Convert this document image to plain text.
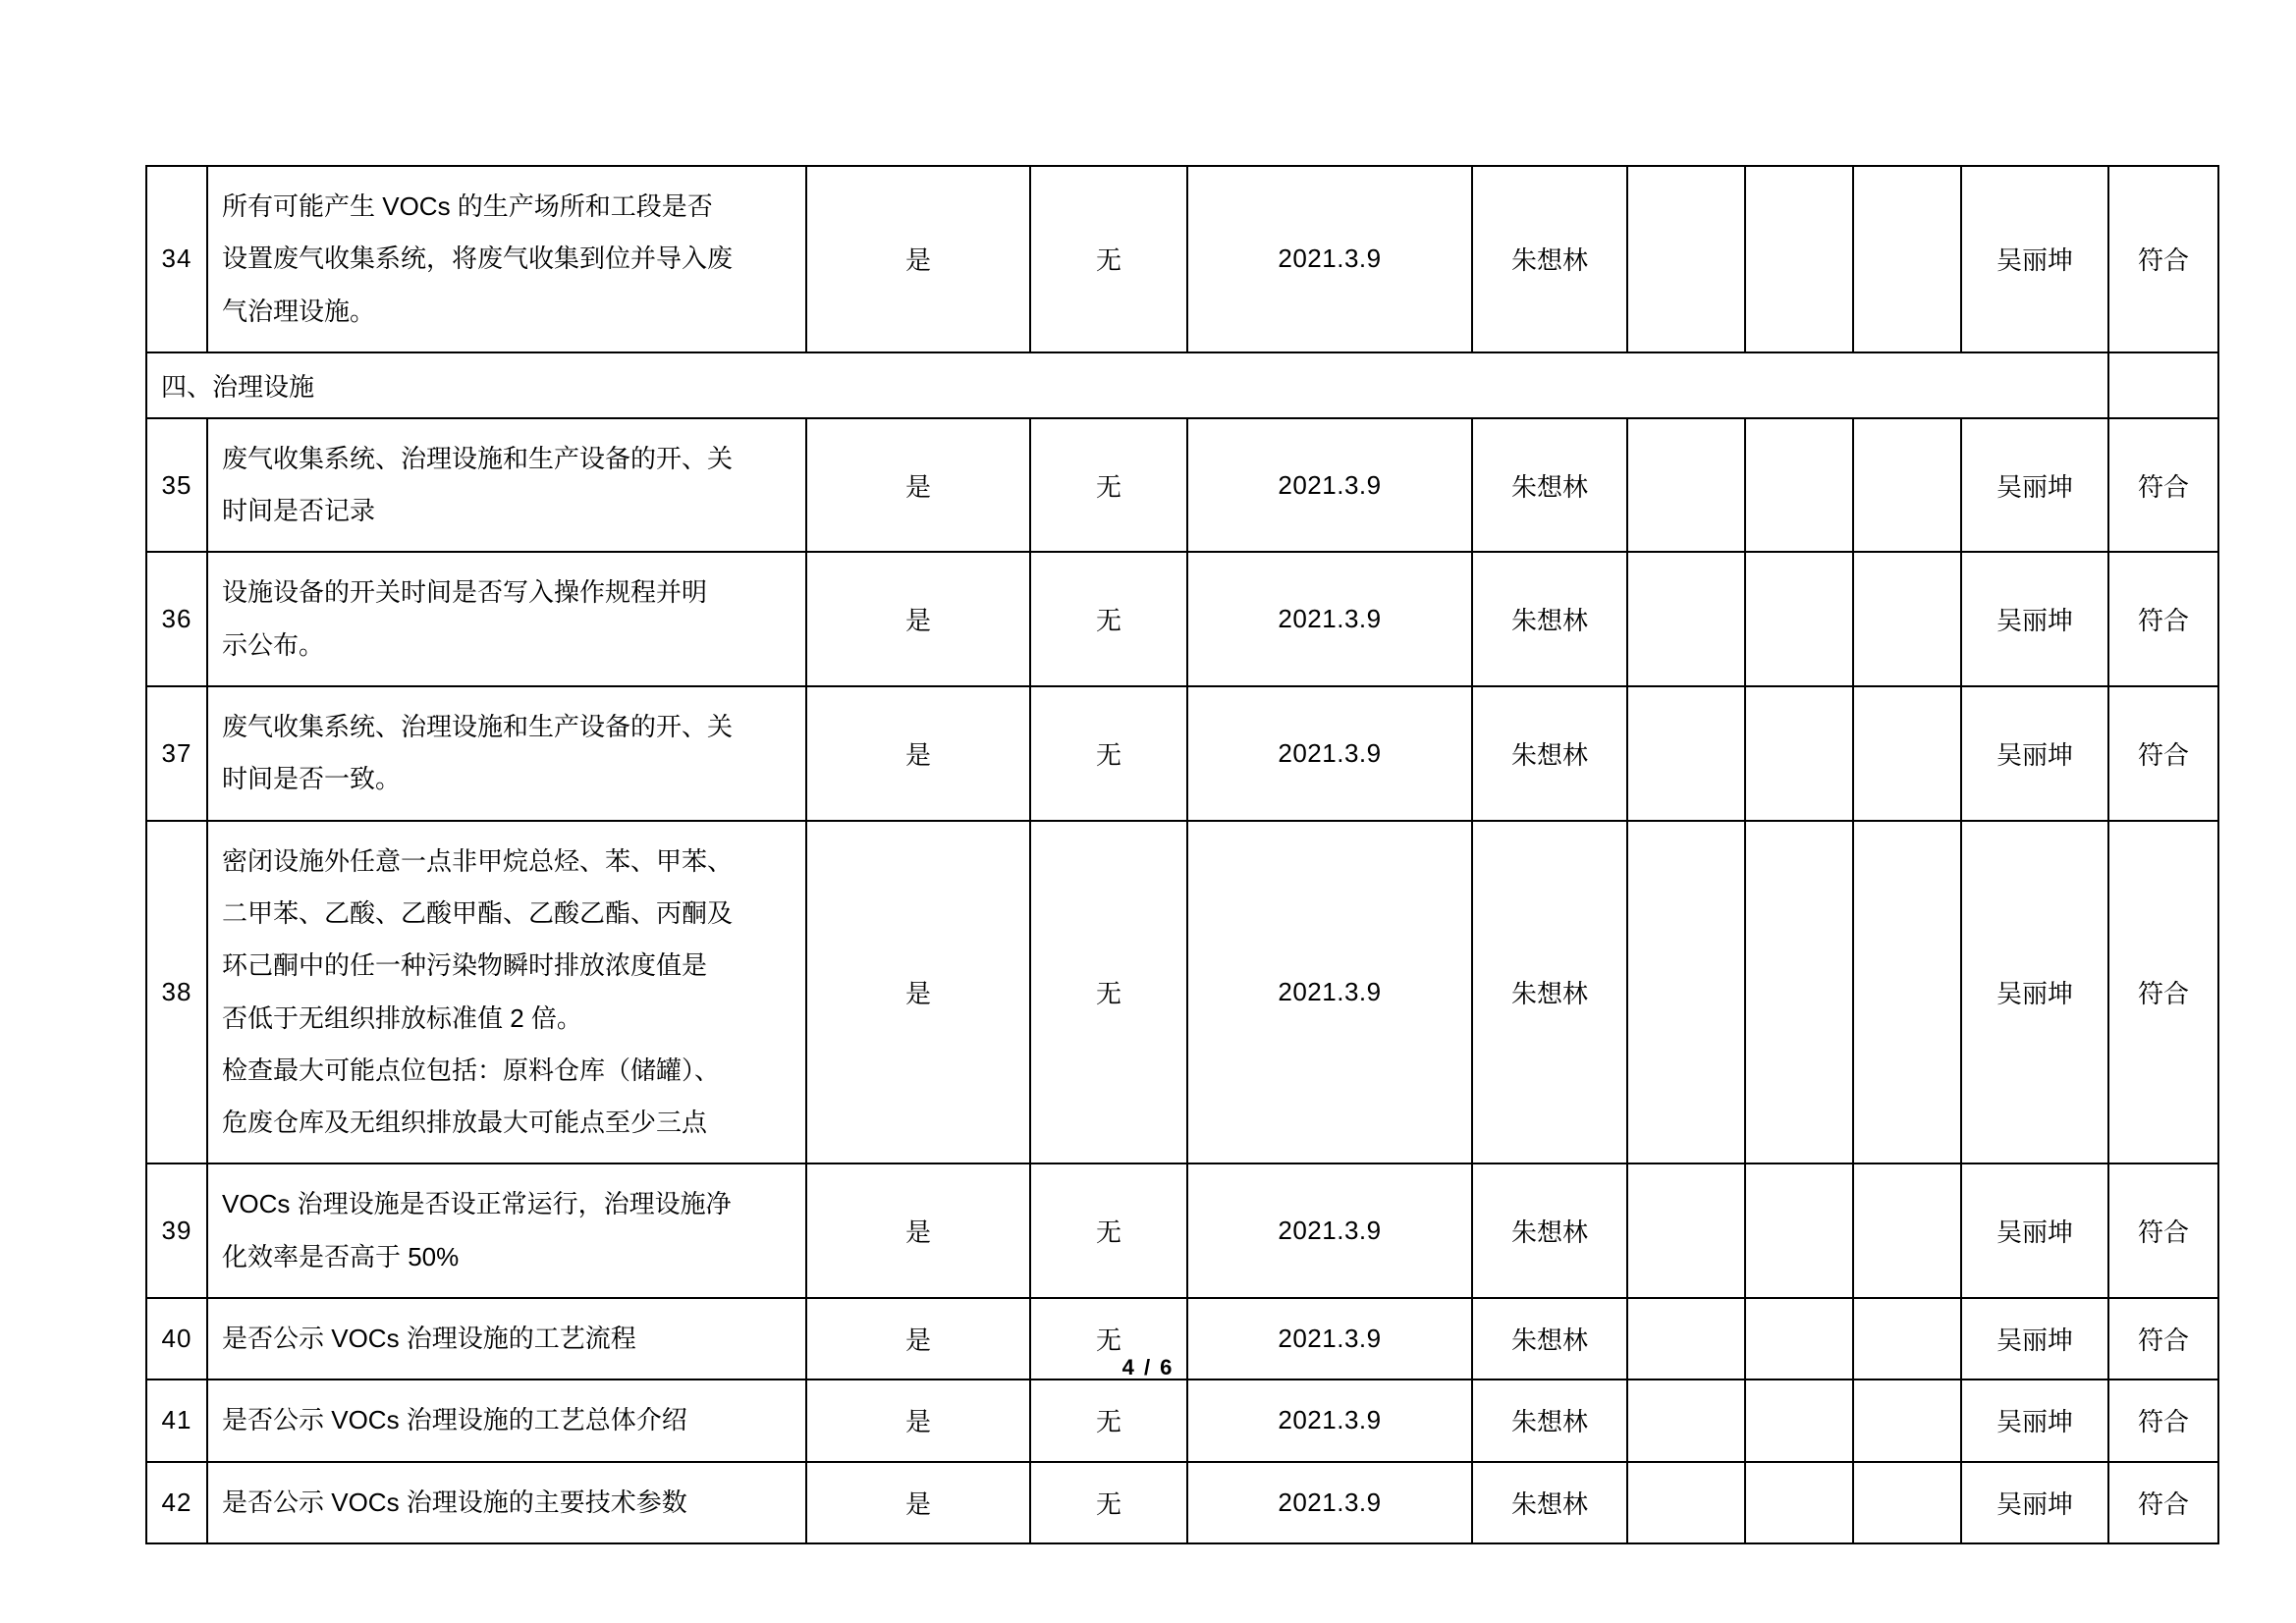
34	所有可能产生 VOCs 的生产场所和工段是否
设置废气收集系统，将废气收集到位并导入废
气治理设施。	是	无	2021.3.9	朱想林				吴丽坤	符合

四、治理设施										

35	废气收集系统、治理设施和生产设备的开、关
时间是否记录	是	无	2021.3.9	朱想林				吴丽坤	符合
36	设施设备的开关时间是否写入操作规程并明
示公布。	是	无	2021.3.9	朱想林				吴丽坤	符合
37	废气收集系统、治理设施和生产设备的开、关
时间是否一致。	是	无	2021.3.9	朱想林				吴丽坤	符合
38	
密闭设施外任意一点非甲烷总烃、苯、甲苯、
二甲苯、乙酸、乙酸甲酯、乙酸乙酯、丙酮及
环己酮中的任一种污染物瞬时排放浓度值是
否低于无组织排放标准值 2 倍。
检查最大可能点位包括：原料仓库（储罐）、
危废仓库及无组织排放最大可能点至少三点
	是	无	2021.3.9	朱想林				吴丽坤	符合
39	VOCs 治理设施是否设正常运行，治理设施净
化效率是否高于 50%	是	无	2021.3.9	朱想林				吴丽坤	符合
40	是否公示 VOCs 治理设施的工艺流程	是	无	2021.3.9	朱想林				吴丽坤	符合
41	是否公示 VOCs 治理设施的工艺总体介绍	是	无	2021.3.9	朱想林				吴丽坤	符合
42	是否公示 VOCs 治理设施的主要技术参数	是	无	2021.3.9	朱想林				吴丽坤	符合
4 / 6
